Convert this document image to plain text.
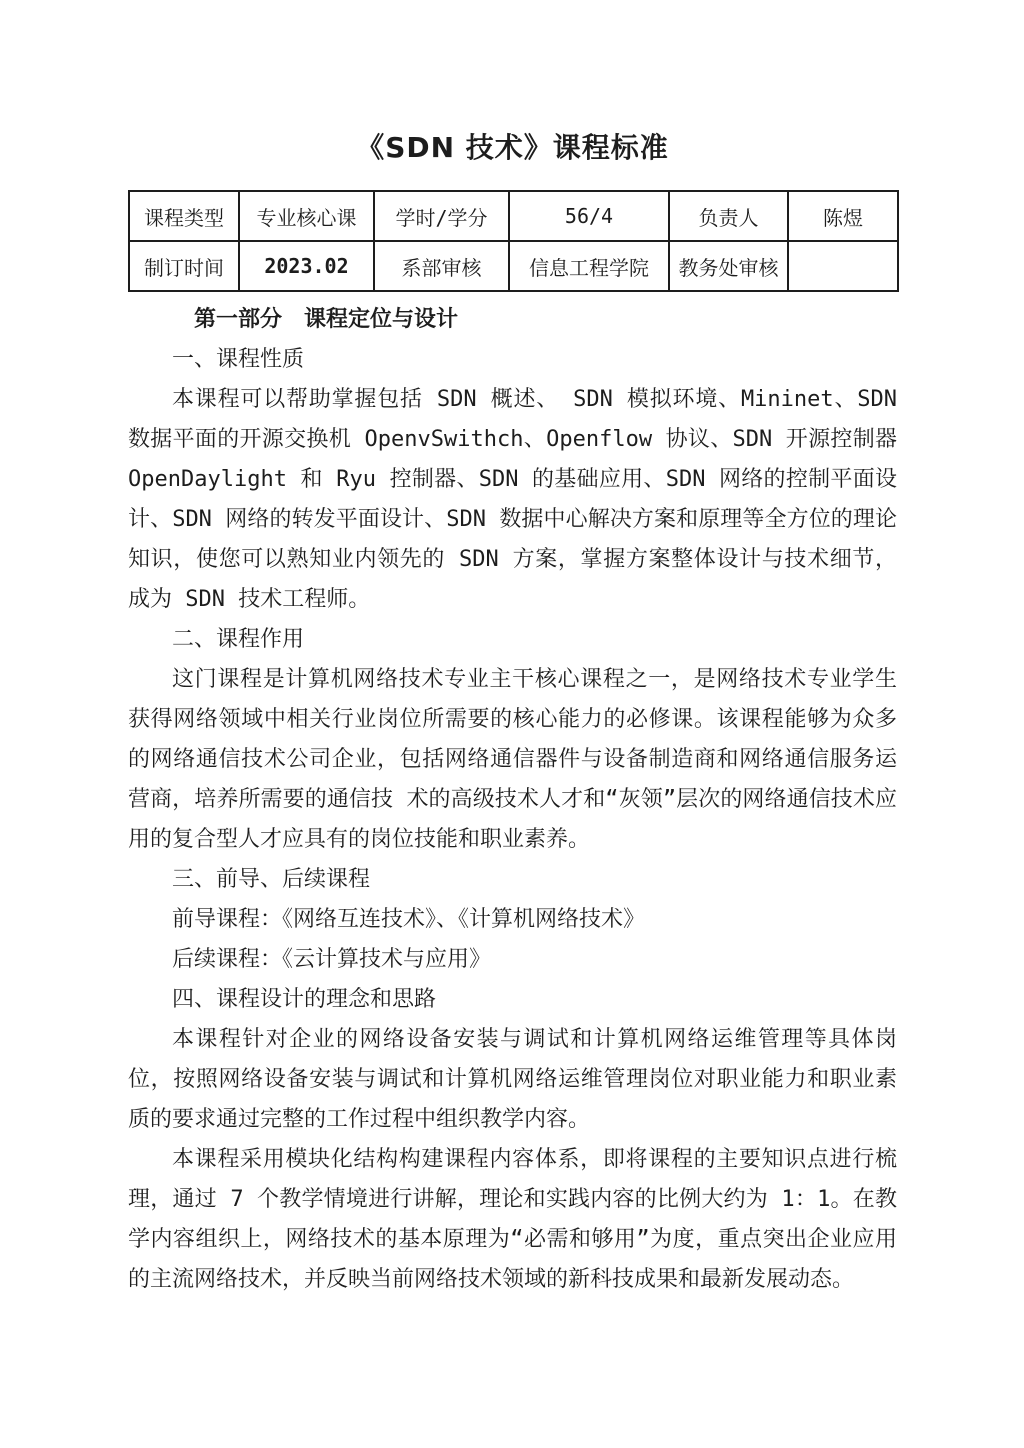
《SDN 技术》课程标准
课程类型	专业核心课	学时/学分	56/4	负责人	陈煜
制订时间	2023.02	系部审核	信息工程学院	教务处审核	

第一部分　课程定位与设计

一、课程性质

本课程可以帮助掌握包括 SDN 概述、 SDN 模拟环境、Mininet、SDN 数据平面的开源交换机 OpenvSwithch、Openflow 协议、SDN 开源控制器 OpenDaylight 和 Ryu 控制器、SDN 的基础应用、SDN 网络的控制平面设计、SDN 网络的转发平面设计、SDN 数据中心解决方案和原理等全方位的理论知识，使您可以熟知业内领先的 SDN 方案，掌握方案整体设计与技术细节，成为 SDN 技术工程师。

二、课程作用

这门课程是计算机网络技术专业主干核心课程之一，是网络技术专业学生获得网络领域中相关行业岗位所需要的核心能力的必修课。该课程能够为众多的网络通信技术公司企业，包括网络通信器件与设备制造商和网络通信服务运营商，培养所需要的通信技 术的高级技术人才和“灰领”层次的网络通信技术应用的复合型人才应具有的岗位技能和职业素养。

三、前导、后续课程

前导课程：《网络互连技术》、《计算机网络技术》

后续课程：《云计算技术与应用》

四、课程设计的理念和思路

本课程针对企业的网络设备安装与调试和计算机网络运维管理等具体岗位，按照网络设备安装与调试和计算机网络运维管理岗位对职业能力和职业素质的要求通过完整的工作过程中组织教学内容。

本课程采用模块化结构构建课程内容体系，即将课程的主要知识点进行梳理，通过 7 个教学情境进行讲解，理论和实践内容的比例大约为 1：1。在教学内容组织上，网络技术的基本原理为“必需和够用”为度，重点突出企业应用的主流网络技术，并反映当前网络技术领域的新科技成果和最新发展动态。
